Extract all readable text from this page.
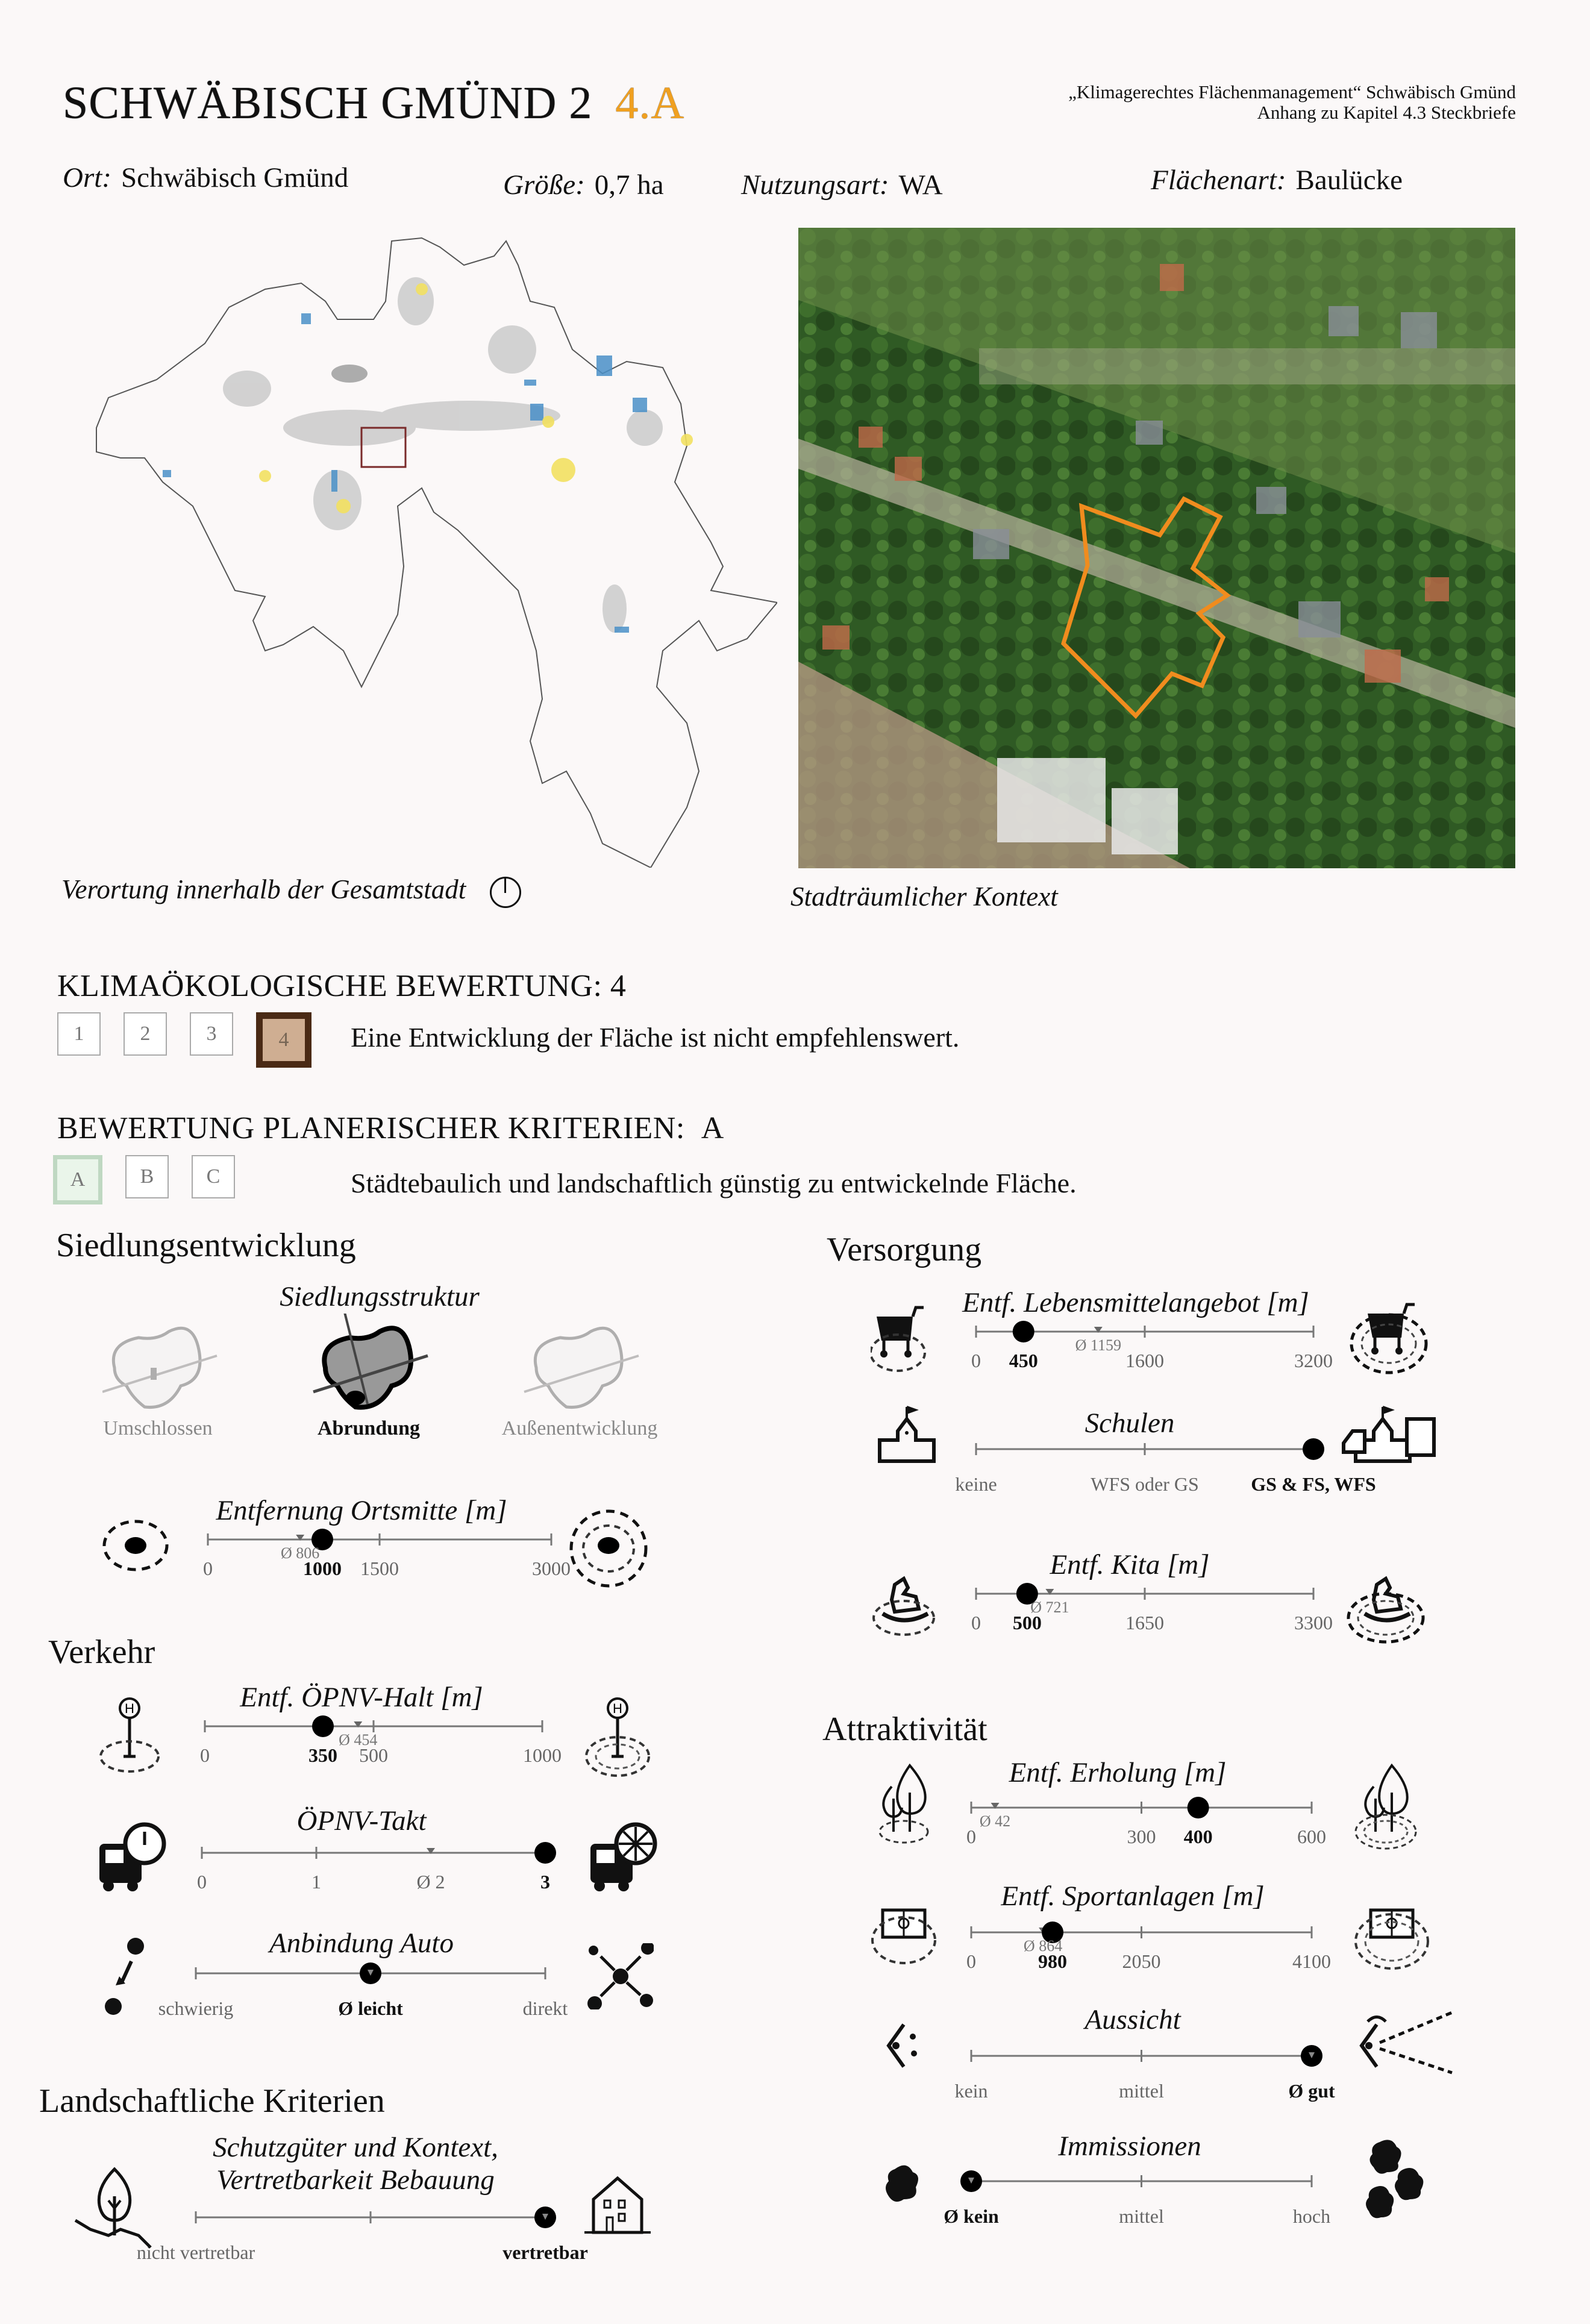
SCHWÄBISCH GMÜND 2 4.A	„Klimagerechtes Flächenmanagement“ Schwäbisch Gmünd
Anhang zu Kapitel 4.3 Steckbriefe
Ort: Schwäbisch Gmünd	Größe: 0,7 ha	Nutzungsart: WA	Flächenart: Baulücke
Verortung innerhalb der Gesamtstadt	Stadträumlicher Kontext
KLIMAÖKOLOGISCHE BEWERTUNG: 4
1	2	3	4	Eine Entwicklung der Fläche ist nicht empfehlenswert.
BEWERTUNG PLANERISCHER KRITERIEN: A
A	B	C	Städtebaulich und landschaftlich günstig zu entwickelnde Fläche.
Siedlungsentwicklung
Siedlungsstruktur
Umschlossen	Abrundung	Außenentwicklung
Entfernung Ortsmitte [m]
0	1000 1500	3000
Ø 806
Verkehr
Entf. ÖPNV-Halt [m]
0	350 500	1000
Ø 454
H	H
ÖPNV-Takt
0	1	Ø 2	3
Anbindung Auto
schwierig	Ø leicht	direkt
Landschaftliche Kriterien
Schutzgüter und Kontext,
Vertretbarkeit Bebauung
nicht vertretbar	vertretbar
Versorgung
Entf. Lebensmittelangebot [m]
0 450	1600	3200
Ø 1159
Schulen
keine	WFS oder GS	GS & FS, WFS
Entf. Kita [m]
0 500	1650	3300
Ø 721
Attraktivität
Entf. Erholung [m]
0	300 400	600
Ø 42
Entf. Sportanlagen [m]
0	980	2050	4100
Ø 864
Aussicht
kein	mittel	Ø gut
Immissionen
Ø kein	mittel	hoch
